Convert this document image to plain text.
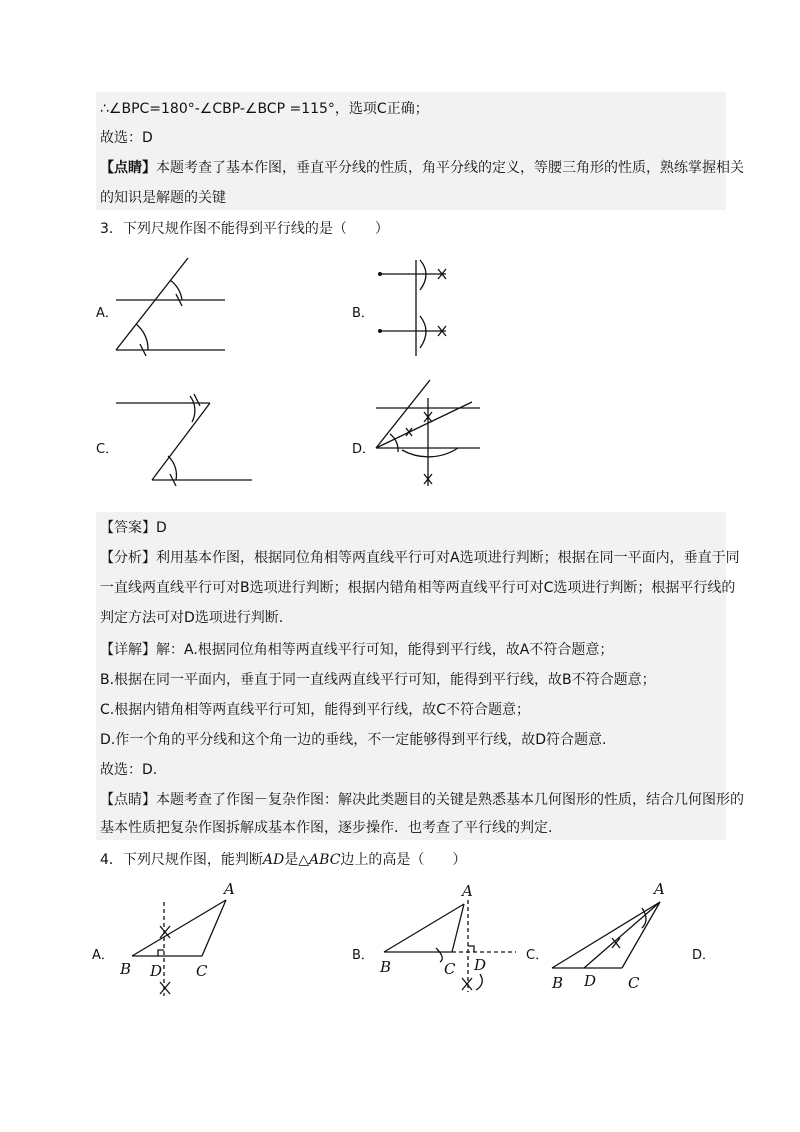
∴∠BPC=180°-∠CBP-∠BCP =115°，选项C正确；
故选：D
【点睛】本题考查了基本作图，垂直平分线的性质，角平分线的定义，等腰三角形的性质，熟练掌握相关
的知识是解题的关键
3．下列尺规作图不能得到平行线的是（　　）
A．	B．
C．	D．
【答案】D
【分析】利用基本作图，根据同位角相等两直线平行可对A选项进行判断；根据在同一平面内，垂直于同
一直线两直线平行可对B选项进行判断；根据内错角相等两直线平行可对C选项进行判断；根据平行线的
判定方法可对D选项进行判断.
【详解】解：A.根据同位角相等两直线平行可知，能得到平行线，故A不符合题意；
B.根据在同一平面内，垂直于同一直线两直线平行可知，能得到平行线，故B不符合题意；
C.根据内错角相等两直线平行可知，能得到平行线，故C不符合题意；
D.作一个角的平分线和这个角一边的垂线，不一定能够得到平行线，故D符合题意.
故选：D.
【点睛】本题考查了作图－复杂作图：解决此类题目的关键是熟悉基本几何图形的性质，结合几何图形的
基本性质把复杂作图拆解成基本作图，逐步操作．也考查了平行线的判定.
4．下列尺规作图，能判断AD是△ABC边上的高是（　　）
A．	B．	C．	D．
A
B D C
A
B	C D
A
B D C
